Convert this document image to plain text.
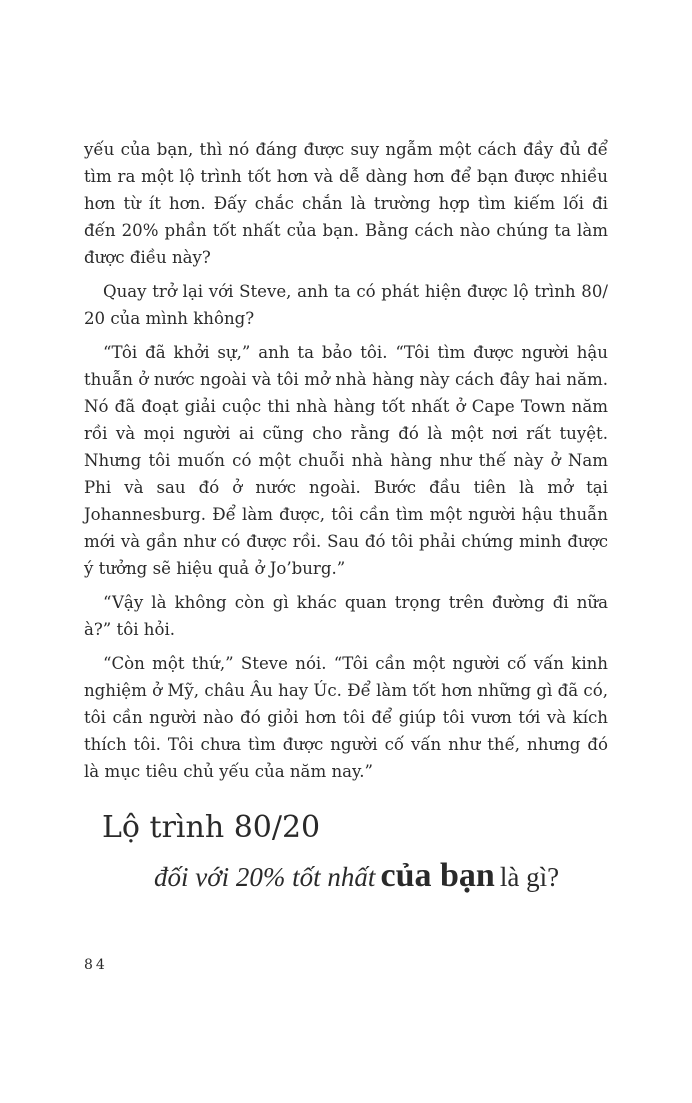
yếu của bạn, thì nó đáng được suy ngẫm một cách đầy đủ để tìm ra một lộ trình tốt hơn và dễ dàng hơn để bạn được nhiều hơn từ ít hơn. Đấy chắc chắn là trường hợp tìm kiếm lối đi đến 20% phần tốt nhất của bạn. Bằng cách nào chúng ta làm được điều này?

Quay trở lại với Steve, anh ta có phát hiện được lộ trình 80/ 20 của mình không?

“Tôi đã khởi sự,” anh ta bảo tôi. “Tôi tìm được người hậu thuẫn ở nước ngoài và tôi mở nhà hàng này cách đây hai năm. Nó đã đoạt giải cuộc thi nhà hàng tốt nhất ở Cape Town năm rồi và mọi người ai cũng cho rằng đó là một nơi rất tuyệt. Nhưng tôi muốn có một chuỗi nhà hàng như thế này ở Nam Phi và sau đó ở nước ngoài. Bước đầu tiên là mở tại Johannesburg. Để làm được, tôi cần tìm một người hậu thuẫn mới và gần như có được rồi. Sau đó tôi phải chứng minh được ý tưởng sẽ hiệu quả ở Jo’burg.”

“Vậy là không còn gì khác quan trọng trên đường đi nữa à?” tôi hỏi.

“Còn một thứ,” Steve nói. “Tôi cần một người cố vấn kinh nghiệm ở Mỹ, châu Âu hay Úc. Để làm tốt hơn những gì đã có, tôi cần người nào đó giỏi hơn tôi để giúp tôi vươn tới và kích thích tôi. Tôi chưa tìm được người cố vấn như thế, nhưng đó là mục tiêu chủ yếu của năm nay.”

Lộ trình 80/20
đối với 20% tốt nhất của bạn là gì?
84
